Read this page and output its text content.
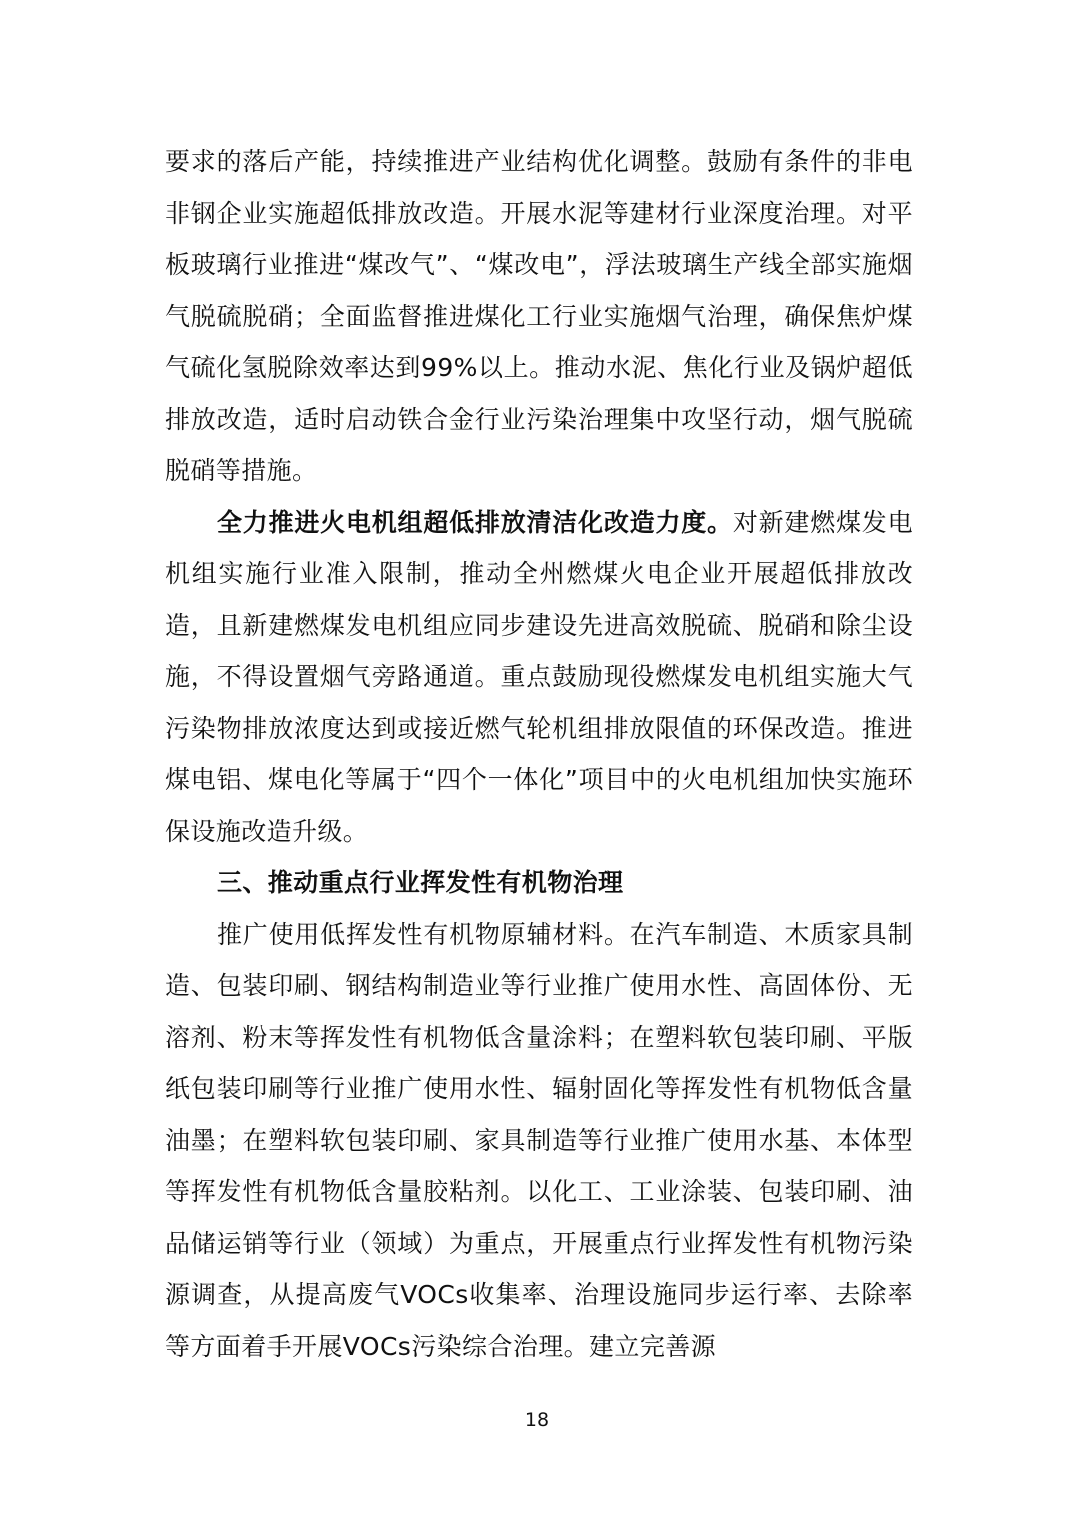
要求的落后产能，持续推进产业结构优化调整。鼓励有条件的非电非钢企业实施超低排放改造。开展水泥等建材行业深度治理。对平板玻璃行业推进“煤改气”、“煤改电”，浮法玻璃生产线全部实施烟气脱硫脱硝；全面监督推进煤化工行业实施烟气治理，确保焦炉煤气硫化氢脱除效率达到99%以上。推动水泥、焦化行业及锅炉超低排放改造，适时启动铁合金行业污染治理集中攻坚行动，烟气脱硫脱硝等措施。

全力推进火电机组超低排放清洁化改造力度。对新建燃煤发电机组实施行业准入限制，推动全州燃煤火电企业开展超低排放改造，且新建燃煤发电机组应同步建设先进高效脱硫、脱硝和除尘设施，不得设置烟气旁路通道。重点鼓励现役燃煤发电机组实施大气污染物排放浓度达到或接近燃气轮机组排放限值的环保改造。推进煤电铝、煤电化等属于“四个一体化”项目中的火电机组加快实施环保设施改造升级。

三、推动重点行业挥发性有机物治理

推广使用低挥发性有机物原辅材料。在汽车制造、木质家具制造、包装印刷、钢结构制造业等行业推广使用水性、高固体份、无溶剂、粉末等挥发性有机物低含量涂料；在塑料软包装印刷、平版纸包装印刷等行业推广使用水性、辐射固化等挥发性有机物低含量油墨；在塑料软包装印刷、家具制造等行业推广使用水基、本体型等挥发性有机物低含量胶粘剂。以化工、工业涂装、包装印刷、油品储运销等行业（领域）为重点，开展重点行业挥发性有机物污染源调查，从提高废气VOCs收集率、治理设施同步运行率、去除率等方面着手开展VOCs污染综合治理。建立完善源

18
